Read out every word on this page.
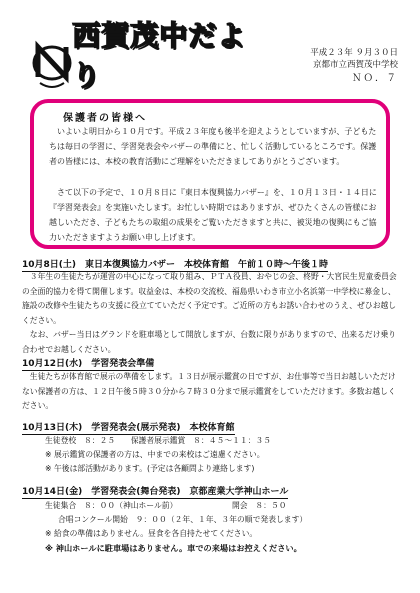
西賀茂中だより
平成２３年 ９月３０日
京都市立西賀茂中学校
ＮＯ．７
保護者の皆様へ
　いよいよ明日から１０月です。平成２３年度も後半を迎えようとしていますが、子どもたちは毎日の学習に、学習発表会やバザーの準備にと、忙しく活動しているところです。保護者の皆様には、本校の教育活動にご理解をいただきましてありがとうございます。
　さて以下の予定で、１０月８日に『東日本復興協力バザー』を、１０月１３日・１４日に『学習発表会』を実施いたします。お忙しい時期ではありますが、ぜひたくさんの皆様にお越しいただき、子どもたちの取組の成果をご覧いただきますと共に、被災地の復興にもご協力いただきますようお願い申し上げます。
10月8日(土)　東日本復興協力バザー　本校体育館　午前１０時～午後１時
　３年生の生徒たちが運営の中心になって取り組み、ＰＴＡ役員、おやじの会、柊野・大宮民生児童委員会の全面的協力を得て開催します。収益金は、本校の交流校、福島県いわき市立小名浜第一中学校に募金し、施設の改修や生徒たちの支援に役立てていただく予定です。ご近所の方もお誘い合わせのうえ、ぜひお越しください。
　なお、バザー当日はグランドを駐車場として開放しますが、台数に限りがありますので、出来るだけ乗り合わせでお越しください。
10月12日(水)　学習発表会準備
　生徒たちが体育館で展示の準備をします。１３日が展示鑑賞の日ですが、お仕事等で当日お越しいただけない保護者の方は、１２日午後５時３０分から７時３０分まで展示鑑賞をしていただけます。多数お越しください。
10月13日(木)　学習発表会(展示発表)　本校体育館
生徒登校　８：２５　　保護者展示鑑賞　８：４５～１１：３５
※ 展示鑑賞の保護者の方は、中までの来校はご遠慮ください。
※ 午後は部活動があります。(予定は各顧問より連絡します)
10月14日(金)　学習発表会(舞台発表)　京都産業大学神山ホール
生徒集合　８：００（神山ホール前）	開会　８：５０
合唱コンクール開始　９：００（２年、１年、３年の順で発表します）
※ 給食の準備はありません。昼食を各自持たせてください。
※ 神山ホールに駐車場はありません。車での来場はお控えください。
